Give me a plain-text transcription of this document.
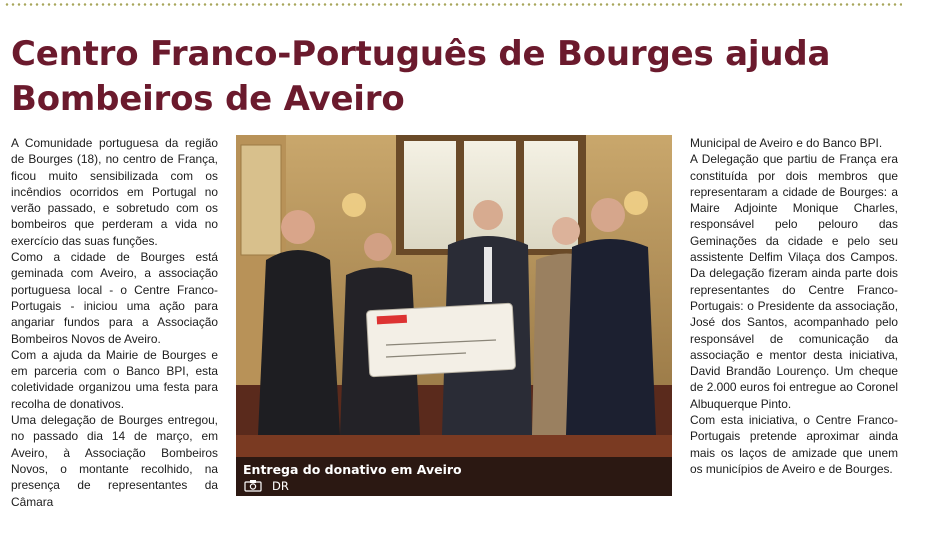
Centro Franco-Português de Bourges ajuda
Bombeiros de Aveiro

A Comunidade portuguesa da região de Bourges (18), no centro de França, ficou muito sensibilizada com os incêndios ocorridos em Portugal no verão passado, e sobretudo com os bombeiros que perderam a vida no exercício das suas funções.

Como a cidade de Bourges está geminada com Aveiro, a associação portuguesa local - o Centre Franco-Portugais - iniciou uma ação para angariar fundos para a Associação Bombeiros Novos de Aveiro.

Com a ajuda da Mairie de Bourges e em parceria com o Banco BPI, esta coletividade organizou uma festa para recolha de donativos.

Uma delegação de Bourges entregou, no passado dia 14 de março, em Aveiro, à Associação Bombeiros Novos, o montante recolhido, na presença de representantes da Câmara

Entrega do donativo em Aveiro
DR

Municipal de Aveiro e do Banco BPI.

A Delegação que partiu de França era constituída por dois membros que representaram a cidade de Bourges: a Maire Adjointe Monique Charles, responsável pelo pelouro das Geminações da cidade e pelo seu assistente Delfim Vilaça dos Campos. Da delegação fizeram ainda parte dois representantes do Centre Franco-Portugais: o Presidente da associação, José dos Santos, acompanhado pelo responsável de comunicação da associação e mentor desta iniciativa, David Brandão Lourenço. Um cheque de 2.000 euros foi entregue ao Coronel Albuquerque Pinto.

Com esta iniciativa, o Centre Franco-Portugais pretende aproximar ainda mais os laços de amizade que unem os municípios de Aveiro e de Bourges.
